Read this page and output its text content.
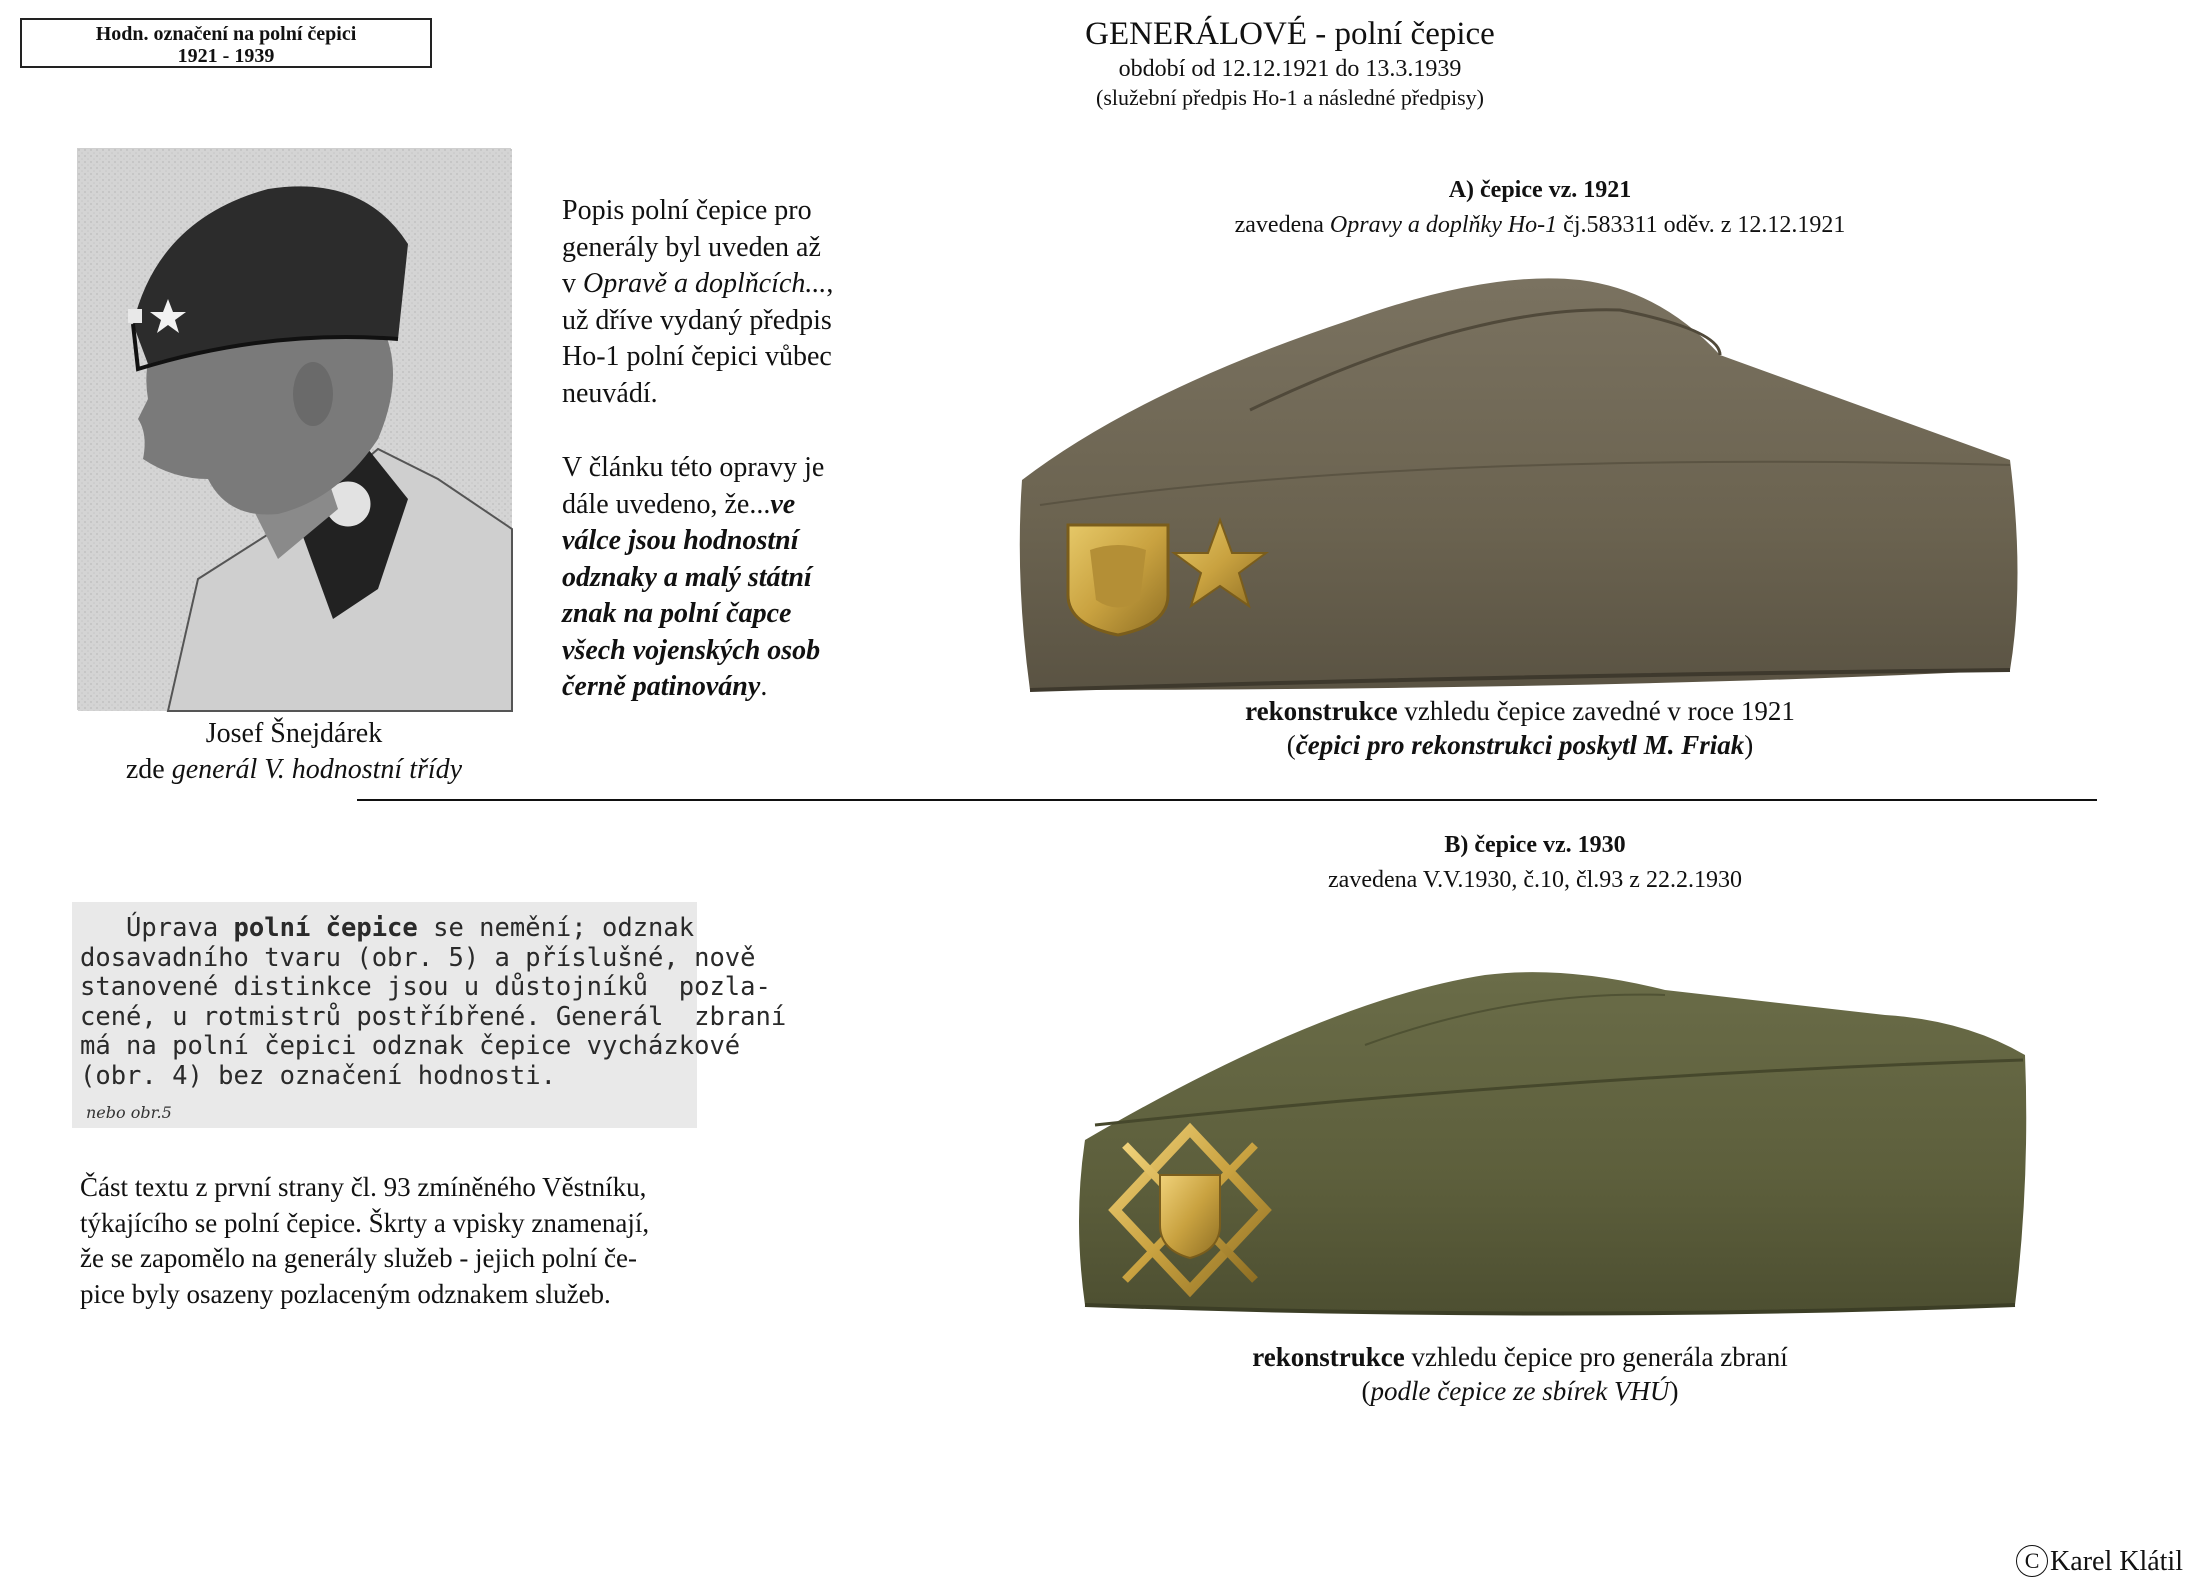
Hodn. označení na polní čepici
1921 - 1939
GENERÁLOVÉ - polní čepice
období od 12.12.1921 do 13.3.1939
(služební předpis Ho-1 a následné předpisy)
Josef Šnejdárek
zde generál V. hodnostní třídy
Popis polní čepice pro
generály byl uveden až
v Opravě a doplňcích...,
už dříve vydaný předpis
Ho-1 polní čepici vůbec
neuvádí.
V článku této opravy je
dále uvedeno, že...ve
válce jsou hodnostní
odznaky a malý státní
znak na polní čapce
všech vojenských osob
černě patinovány.
A) čepice vz. 1921
zavedena Opravy a doplňky Ho-1 čj.583311 oděv. z 12.12.1921
rekonstrukce vzhledu čepice zavedné v roce 1921
(čepici pro rekonstrukci poskytl M. Friak)
B) čepice vz. 1930
zavedena V.V.1930, č.10, čl.93 z 22.2.1930
Úprava polní čepice se nemění; odznak
dosavadního tvaru (obr. 5) a příslušné, nově
stanovené distinkce jsou u důstojníků  pozla-
cené, u rotmistrů postříbřené. Generál  zbraní
má na polní čepici odznak čepice vycházkové
(obr. 4) bez označení hodnosti.
nebo obr.5
Část textu z první strany čl. 93 zmíněného Věstníku,
týkajícího se polní čepice. Škrty a vpisky znamenají,
že se zapomělo na generály služeb - jejich polní če-
pice byly osazeny pozlaceným odznakem služeb.
rekonstrukce vzhledu čepice pro generála zbraní
(podle čepice ze sbírek VHÚ)
C Karel Klátil
